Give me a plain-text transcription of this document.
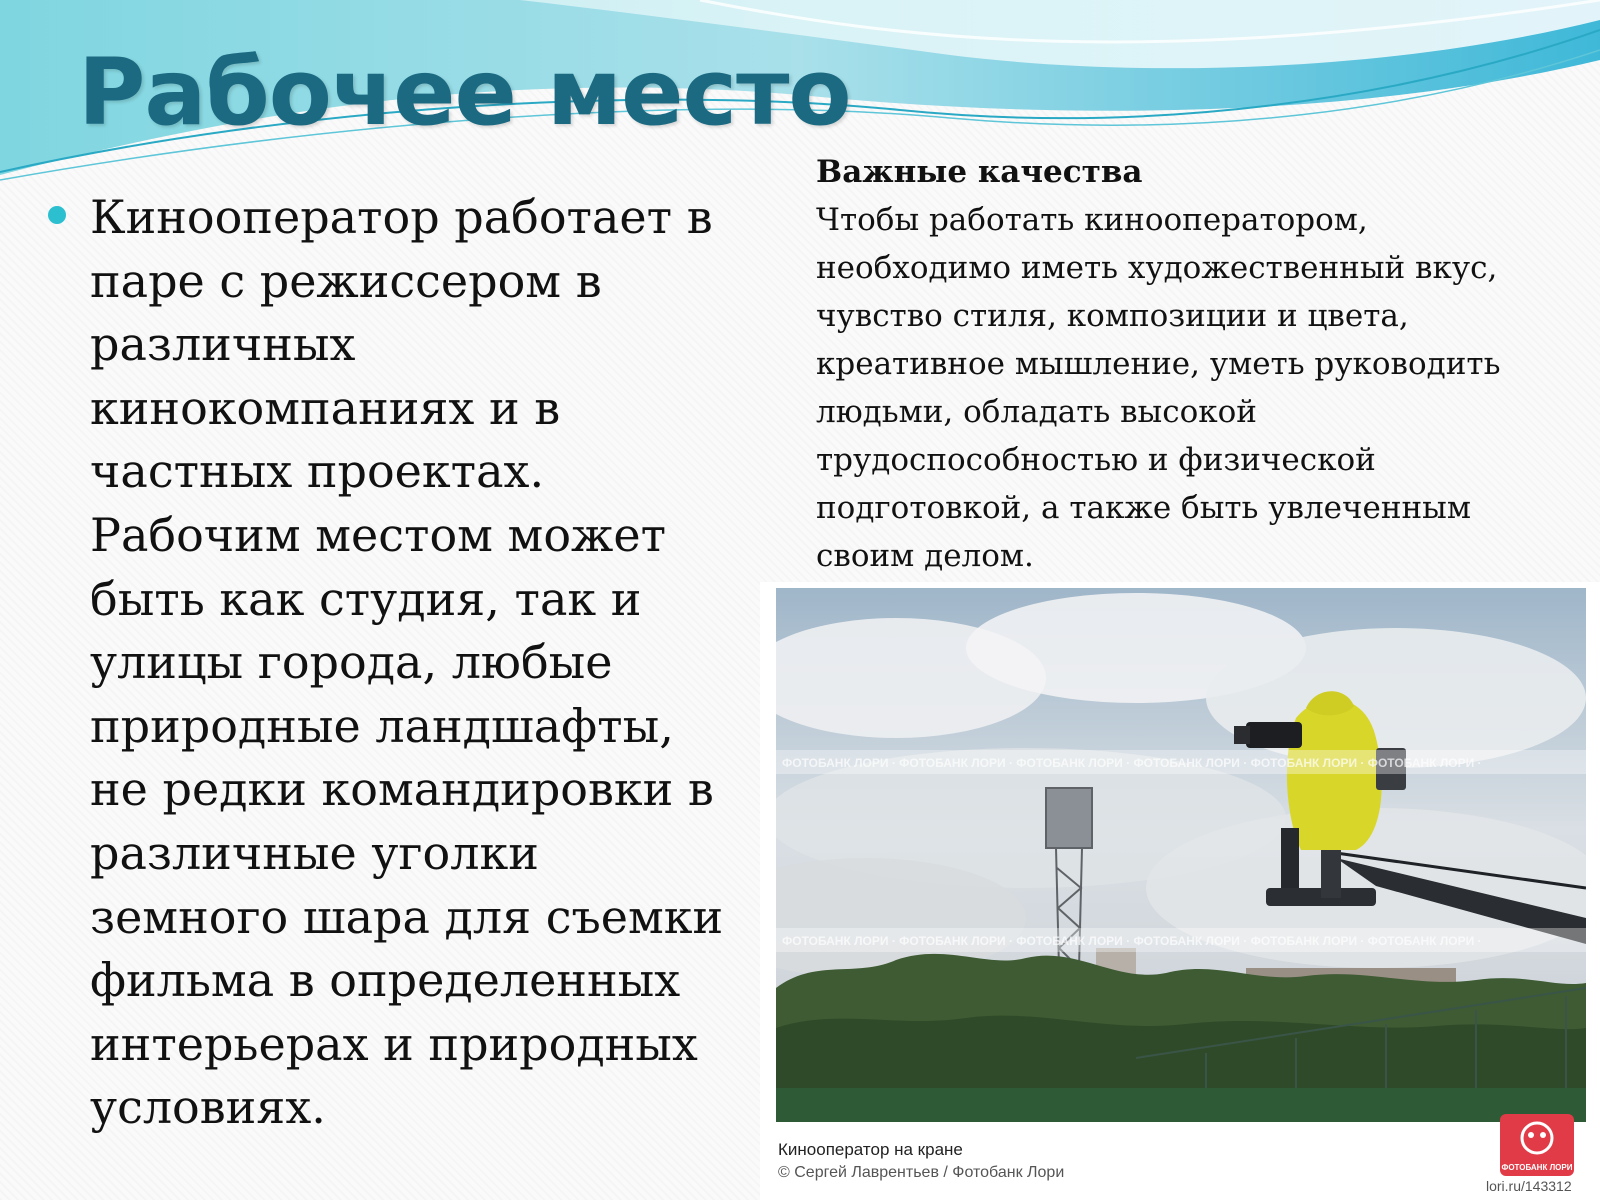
Рабочее место

Кинооператор работает в паре с режиссером в различных кинокомпаниях и в частных проектах. Рабочим местом может быть как студия, так и улицы города, любые природные ландшафты, не редки командировки в различные уголки земного шара для съемки фильма в определенных интерьерах и природных условиях.

Важные качества

Чтобы работать кинооператором,
необходимо иметь художественный вкус,
чувство стиля, композиции и цвета,
креативное мышление, уметь руководить
людьми, обладать высокой
трудоспособностью и физической
подготовкой, а также быть увлеченным
своим делом.
ФОТОБАНК ЛОРИ · ФОТОБАНК ЛОРИ · ФОТОБАНК ЛОРИ · ФОТОБАНК ЛОРИ · ФОТОБАНК ЛОРИ · ФОТОБАНК ЛОРИ ·
ФОТОБАНК ЛОРИ · ФОТОБАНК ЛОРИ · ФОТОБАНК ЛОРИ · ФОТОБАНК ЛОРИ · ФОТОБАНК ЛОРИ · ФОТОБАНК ЛОРИ ·
Кинооператор на кране
© Сергей Лаврентьев / Фотобанк Лори	ФОТОБАНК ЛОРИ
lori.ru/143312
